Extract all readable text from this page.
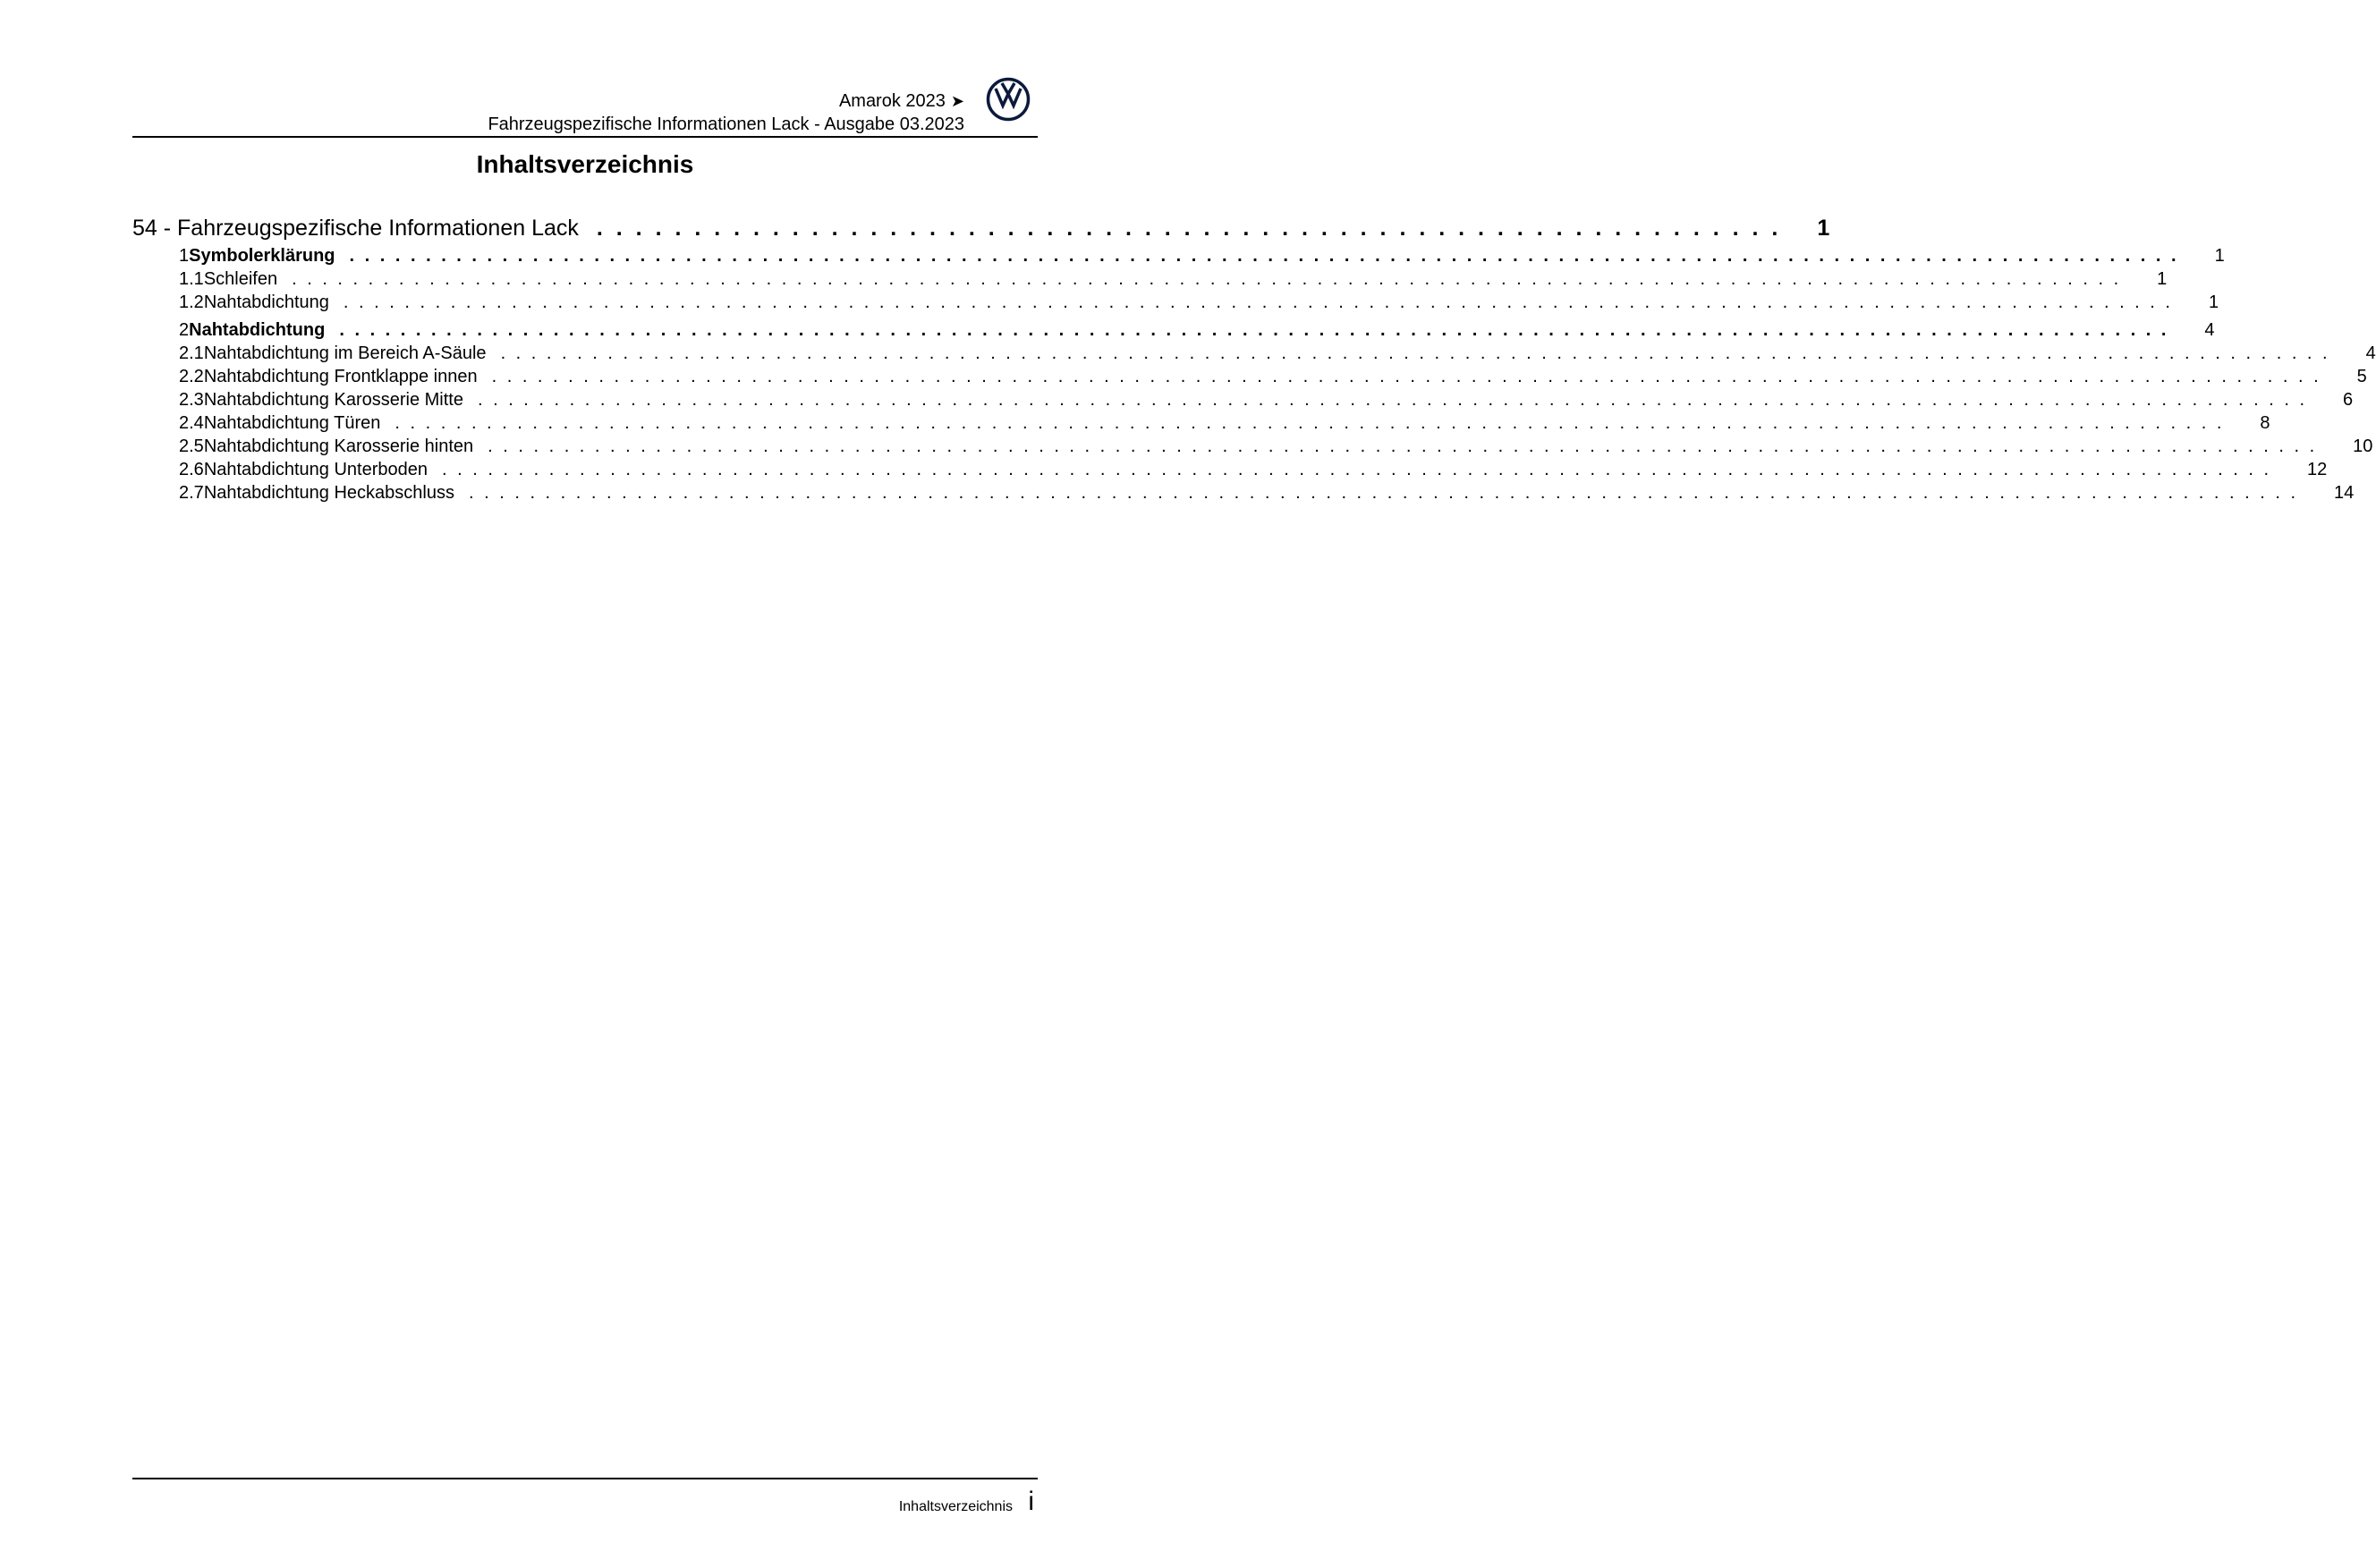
Amarok 2023 ➤
Fahrzeugspezifische Informationen Lack - Ausgabe 03.2023
Inhaltsverzeichnis
54 - Fahrzeugspezifische Informationen Lack . . . . . . . . . . . . . . . . . . . . . . . . . . . . . . . . . . . . . . . . . . . . . . . . . . . . . . . . . . . . . 1
1 Symbolerklärung . . . . . . . . . . . . . . . . . . . . . . . . . . . . . . . . . . . . . . . . . . . . . . . . . . . . . . . . . . . . . . . . . . . . . . . . . . . . . . . . . . . . . . . . . . . . . . . . . . . . . . . . . . . . . . . . . . . . . . . . 1
1.1 Schleifen . . . . . . . . . . . . . . . . . . . . . . . . . . . . . . . . . . . . . . . . . . . . . . . . . . . . . . . . . . . . . . . . . . . . . . . . . . . . . . . . . . . . . . . . . . . . . . . . . . . . . . . . . . . . . . . . . . . . . . . . 1
1.2 Nahtabdichtung . . . . . . . . . . . . . . . . . . . . . . . . . . . . . . . . . . . . . . . . . . . . . . . . . . . . . . . . . . . . . . . . . . . . . . . . . . . . . . . . . . . . . . . . . . . . . . . . . . . . . . . . . . . . . . . . . . . . . . . . 1
2 Nahtabdichtung . . . . . . . . . . . . . . . . . . . . . . . . . . . . . . . . . . . . . . . . . . . . . . . . . . . . . . . . . . . . . . . . . . . . . . . . . . . . . . . . . . . . . . . . . . . . . . . . . . . . . . . . . . . . . . . . . . . . . . . . 4
2.1 Nahtabdichtung im Bereich A-Säule . . . . . . . . . . . . . . . . . . . . . . . . . . . . . . . . . . . . . . . . . . . . . . . . . . . . . . . . . . . . . . . . . . . . . . . . . . . . . . . . . . . . . . . . . . . . . . . . . . . . . . . . . . . . . . . . . . . . . . . . 4
2.2 Nahtabdichtung Frontklappe innen . . . . . . . . . . . . . . . . . . . . . . . . . . . . . . . . . . . . . . . . . . . . . . . . . . . . . . . . . . . . . . . . . . . . . . . . . . . . . . . . . . . . . . . . . . . . . . . . . . . . . . . . . . . . . . . . . . . . . . . . 5
2.3 Nahtabdichtung Karosserie Mitte . . . . . . . . . . . . . . . . . . . . . . . . . . . . . . . . . . . . . . . . . . . . . . . . . . . . . . . . . . . . . . . . . . . . . . . . . . . . . . . . . . . . . . . . . . . . . . . . . . . . . . . . . . . . . . . . . . . . . . . . 6
2.4 Nahtabdichtung Türen . . . . . . . . . . . . . . . . . . . . . . . . . . . . . . . . . . . . . . . . . . . . . . . . . . . . . . . . . . . . . . . . . . . . . . . . . . . . . . . . . . . . . . . . . . . . . . . . . . . . . . . . . . . . . . . . . . . . . . . . 8
2.5 Nahtabdichtung Karosserie hinten . . . . . . . . . . . . . . . . . . . . . . . . . . . . . . . . . . . . . . . . . . . . . . . . . . . . . . . . . . . . . . . . . . . . . . . . . . . . . . . . . . . . . . . . . . . . . . . . . . . . . . . . . . . . . . . . . . . . . . . . 10
2.6 Nahtabdichtung Unterboden . . . . . . . . . . . . . . . . . . . . . . . . . . . . . . . . . . . . . . . . . . . . . . . . . . . . . . . . . . . . . . . . . . . . . . . . . . . . . . . . . . . . . . . . . . . . . . . . . . . . . . . . . . . . . . . . . . . . . . . . 12
2.7 Nahtabdichtung Heckabschluss . . . . . . . . . . . . . . . . . . . . . . . . . . . . . . . . . . . . . . . . . . . . . . . . . . . . . . . . . . . . . . . . . . . . . . . . . . . . . . . . . . . . . . . . . . . . . . . . . . . . . . . . . . . . . . . . . . . . . . . . 14
Inhaltsverzeichnis i
